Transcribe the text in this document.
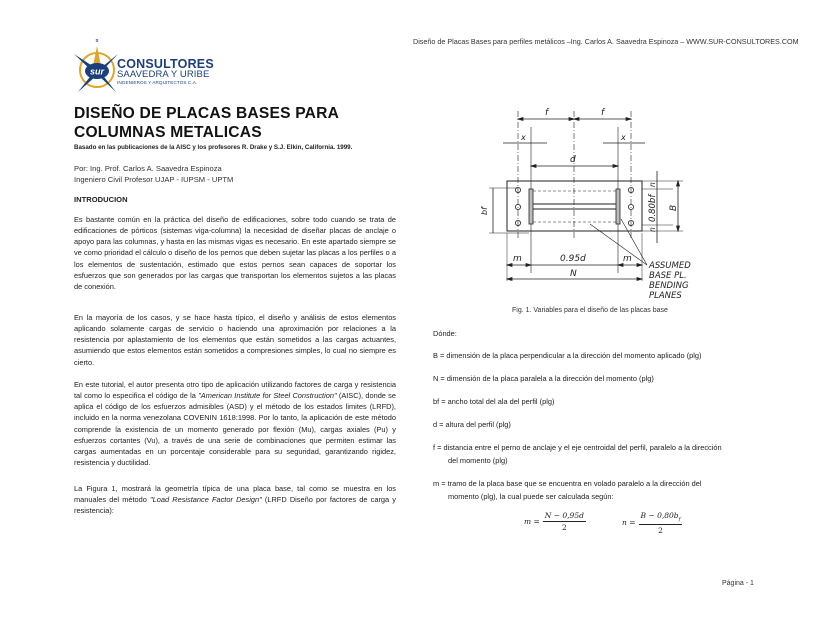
Diseño de Placas Bases para perfiles metálicos –Ing. Carlos A. Saavedra Espinoza – WWW.SUR-CONSULTORES.COM
sur
S
CONSULTORES
SAAVEDRA Y URIBE
INGENIEROS Y ARQUITECTOS C.A.
DISEÑO DE PLACAS BASES PARA COLUMNAS METALICAS
Basado en las publicaciones de la AISC y los profesores R. Drake y S.J. Elkin, California. 1999.
Por: Ing. Prof. Carlos A. Saavedra Espinoza
Ingeniero Civil Profesor UJAP - IUPSM - UPTM
INTRODUCION
Es bastante común en la práctica del diseño de edificaciones, sobre todo cuando se trata de edificaciones de pórticos (sistemas viga-columna) la necesidad de diseñar placas de anclaje o apoyo para las columnas, y hasta en las mismas vigas es necesario. En este apartado siempre se ve como prioridad el cálculo o diseño de los pernos que deben sujetar las placas a los perfiles o a los elementos de sustentación, estimado que estos pernos sean capaces de soportar los esfuerzos que son generados por las cargas que transportan los elementos sujetos a las placas de conexión.
En la mayoría de los casos, y se hace hasta típico, el diseño y análisis de estos elementos aplicando solamente cargas de servicio o haciendo una aproximación por relaciones a la resistencia por aplastamiento de los elementos que están sometidos a las cargas actuantes, asumiendo que estos elementos están sometidos a compresiones simples, lo cual no siempre es cierto.
En este tutorial, el autor presenta otro tipo de aplicación utilizando factores de carga y resistencia tal como lo especifica el código de la "American Institute for Steel Construction" (AISC), donde se aplica el código de los esfuerzos admisibles (ASD) y el método de los estados limites (LRFD), incluido en la norma venezolana COVENIN 1618:1998. Por lo tanto, la aplicación de este método comprende la existencia de un momento generado por flexión (Mu), cargas axiales (Pu) y esfuerzos cortantes (Vu), a través de una serie de combinaciones que permiten estimar las cargas aumentadas en un porcentaje considerable para su seguridad, garantizando rigidez, resistencia y ductilidad.
La Figura 1, mostrará la geometría típica de una placa base, tal como se muestra en los manuales del método "Load Resistance Factor Design" (LRFD Diseño por factores de carga y resistencia):
f	f
x	x
d
bf
n
0.80bf
n
B
m	0.95d	m
N
ASSUMED
BASE PL.
BENDING
PLANES
Fig. 1. Variables para el diseño de las placas base
Dónde:
B = dimensión de la placa perpendicular a la dirección del momento aplicado (plg)
N = dimensión de la placa paralela a la dirección del momento (plg)
bf = ancho total del ala del perfil (plg)
d = altura del perfil (plg)
f = distancia entre el perno de anclaje y el eje centroidal del perfil, paralelo a la dirección
del momento (plg)
m = tramo de la placa base que se encuentra en volado paralelo a la dirección del
momento (plg), la cual puede ser calculada según:
$m = \frac{N - 0,95d}{2}$	$n = \frac{B - 0,80b_f}{2}$
Página - 1
